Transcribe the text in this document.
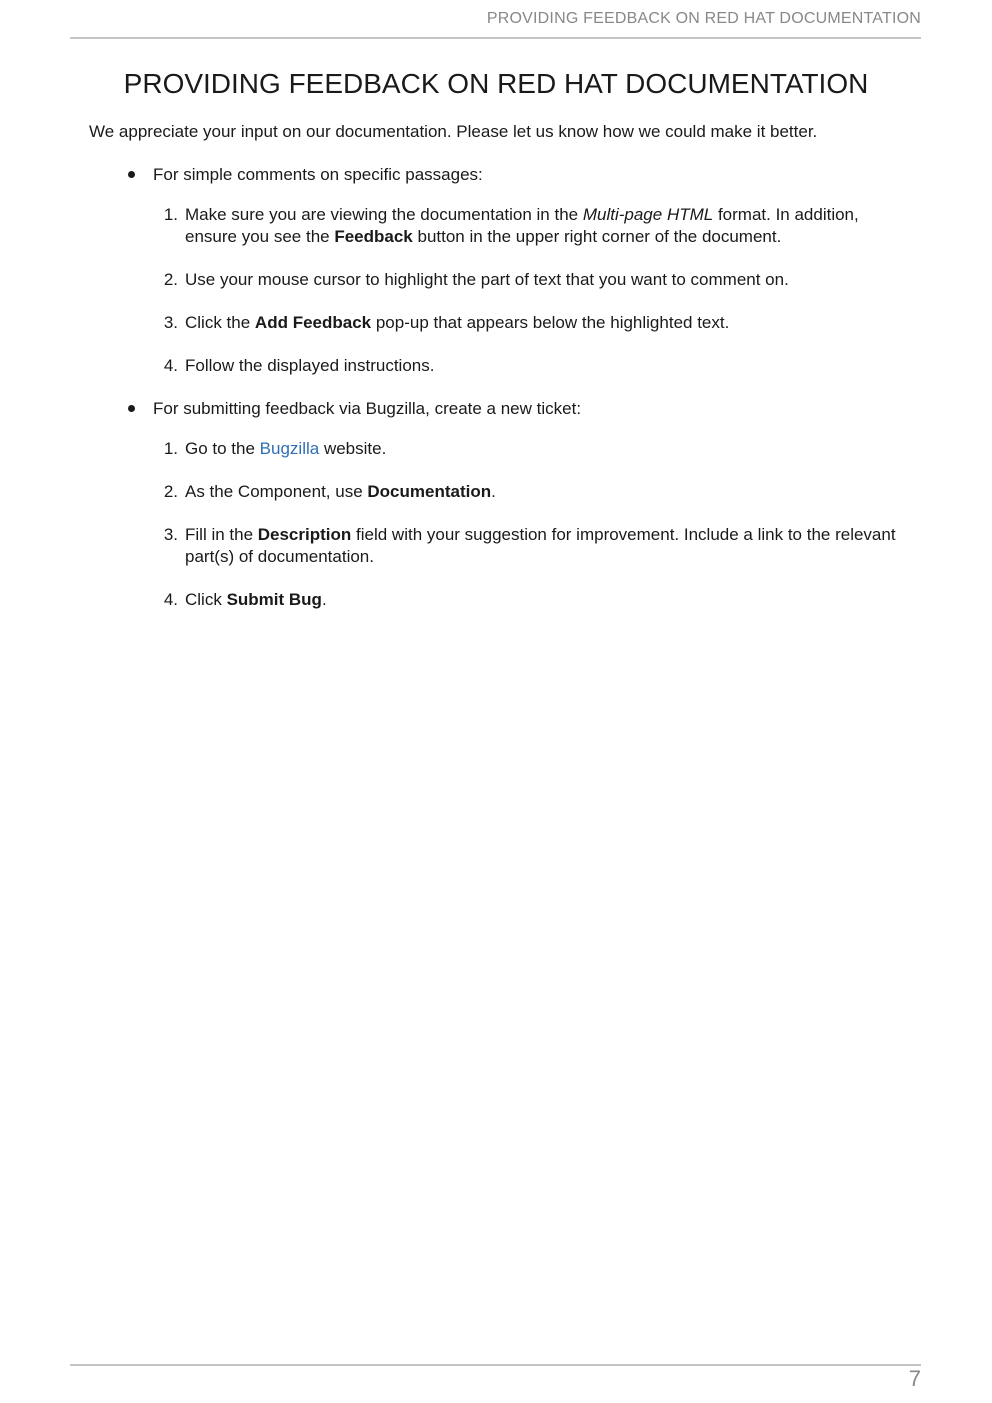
PROVIDING FEEDBACK ON RED HAT DOCUMENTATION
PROVIDING FEEDBACK ON RED HAT DOCUMENTATION

We appreciate your input on our documentation. Please let us know how we could make it better.

For simple comments on specific passages:
1. Make sure you are viewing the documentation in the Multi-page HTML format. In addition, ensure you see the Feedback button in the upper right corner of the document.
2. Use your mouse cursor to highlight the part of text that you want to comment on.
3. Click the Add Feedback pop-up that appears below the highlighted text.
4. Follow the displayed instructions.
For submitting feedback via Bugzilla, create a new ticket:
1. Go to the Bugzilla website.
2. As the Component, use Documentation.
3. Fill in the Description field with your suggestion for improvement. Include a link to the relevant part(s) of documentation.
4. Click Submit Bug.
7
